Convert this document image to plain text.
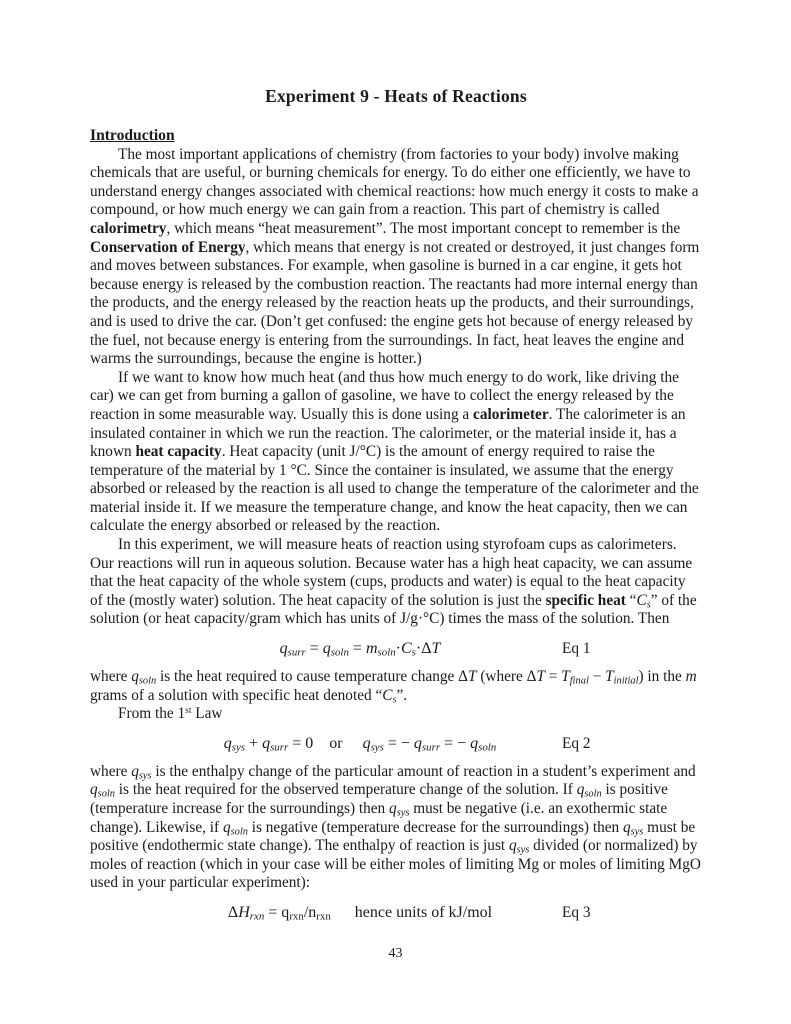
Experiment 9 - Heats of Reactions
Introduction

The most important applications of chemistry (from factories to your body) involve making chemicals that are useful, or burning chemicals for energy. To do either one efficiently, we have to understand energy changes associated with chemical reactions: how much energy it costs to make a compound, or how much energy we can gain from a reaction. This part of chemistry is called calorimetry, which means “heat measurement”. The most important concept to remember is the Conservation of Energy, which means that energy is not created or destroyed, it just changes form and moves between substances. For example, when gasoline is burned in a car engine, it gets hot because energy is released by the combustion reaction. The reactants had more internal energy than the products, and the energy released by the reaction heats up the products, and their surroundings, and is used to drive the car. (Don’t get confused: the engine gets hot because of energy released by the fuel, not because energy is entering from the surroundings. In fact, heat leaves the engine and warms the surroundings, because the engine is hotter.)

If we want to know how much heat (and thus how much energy to do work, like driving the car) we can get from burning a gallon of gasoline, we have to collect the energy released by the reaction in some measurable way. Usually this is done using a calorimeter. The calorimeter is an insulated container in which we run the reaction. The calorimeter, or the material inside it, has a known heat capacity. Heat capacity (unit J/°C) is the amount of energy required to raise the temperature of the material by 1 °C. Since the container is insulated, we assume that the energy absorbed or released by the reaction is all used to change the temperature of the calorimeter and the material inside it. If we measure the temperature change, and know the heat capacity, then we can calculate the energy absorbed or released by the reaction.

In this experiment, we will measure heats of reaction using styrofoam cups as calorimeters. Our reactions will run in aqueous solution. Because water has a high heat capacity, we can assume that the heat capacity of the whole system (cups, products and water) is equal to the heat capacity of the (mostly water) solution. The heat capacity of the solution is just the specific heat “$C_s$” of the solution (or heat capacity/gram which has units of J/g·°C) times the mass of the solution. Then

$q_{surr} = q_{soln} = m_{soln}\cdot C_s\cdot\Delta T$	Eq 1

where $q_{soln}$ is the heat required to cause temperature change ΔT (where $\Delta T = T_{final} - T_{initial}$) in the m grams of a solution with specific heat denoted “$C_s$”.

From the 1st Law

$q_{sys} + q_{surr} = 0$    or     $q_{sys}$ = − $q_{surr}$ = − $q_{soln}$	Eq 2

where $q_{sys}$ is the enthalpy change of the particular amount of reaction in a student’s experiment and $q_{soln}$ is the heat required for the observed temperature change of the solution. If $q_{soln}$ is positive (temperature increase for the surroundings) then $q_{sys}$ must be negative (i.e. an exothermic state change). Likewise, if $q_{soln}$ is negative (temperature decrease for the surroundings) then $q_{sys}$ must be positive (endothermic state change). The enthalpy of reaction is just $q_{sys}$ divided (or normalized) by moles of reaction (which in your case will be either moles of limiting Mg or moles of limiting MgO used in your particular experiment):

$\Delta H_{rxn} = q_{rxn}/n_{rxn}$      hence units of kJ/mol	Eq 3
43
